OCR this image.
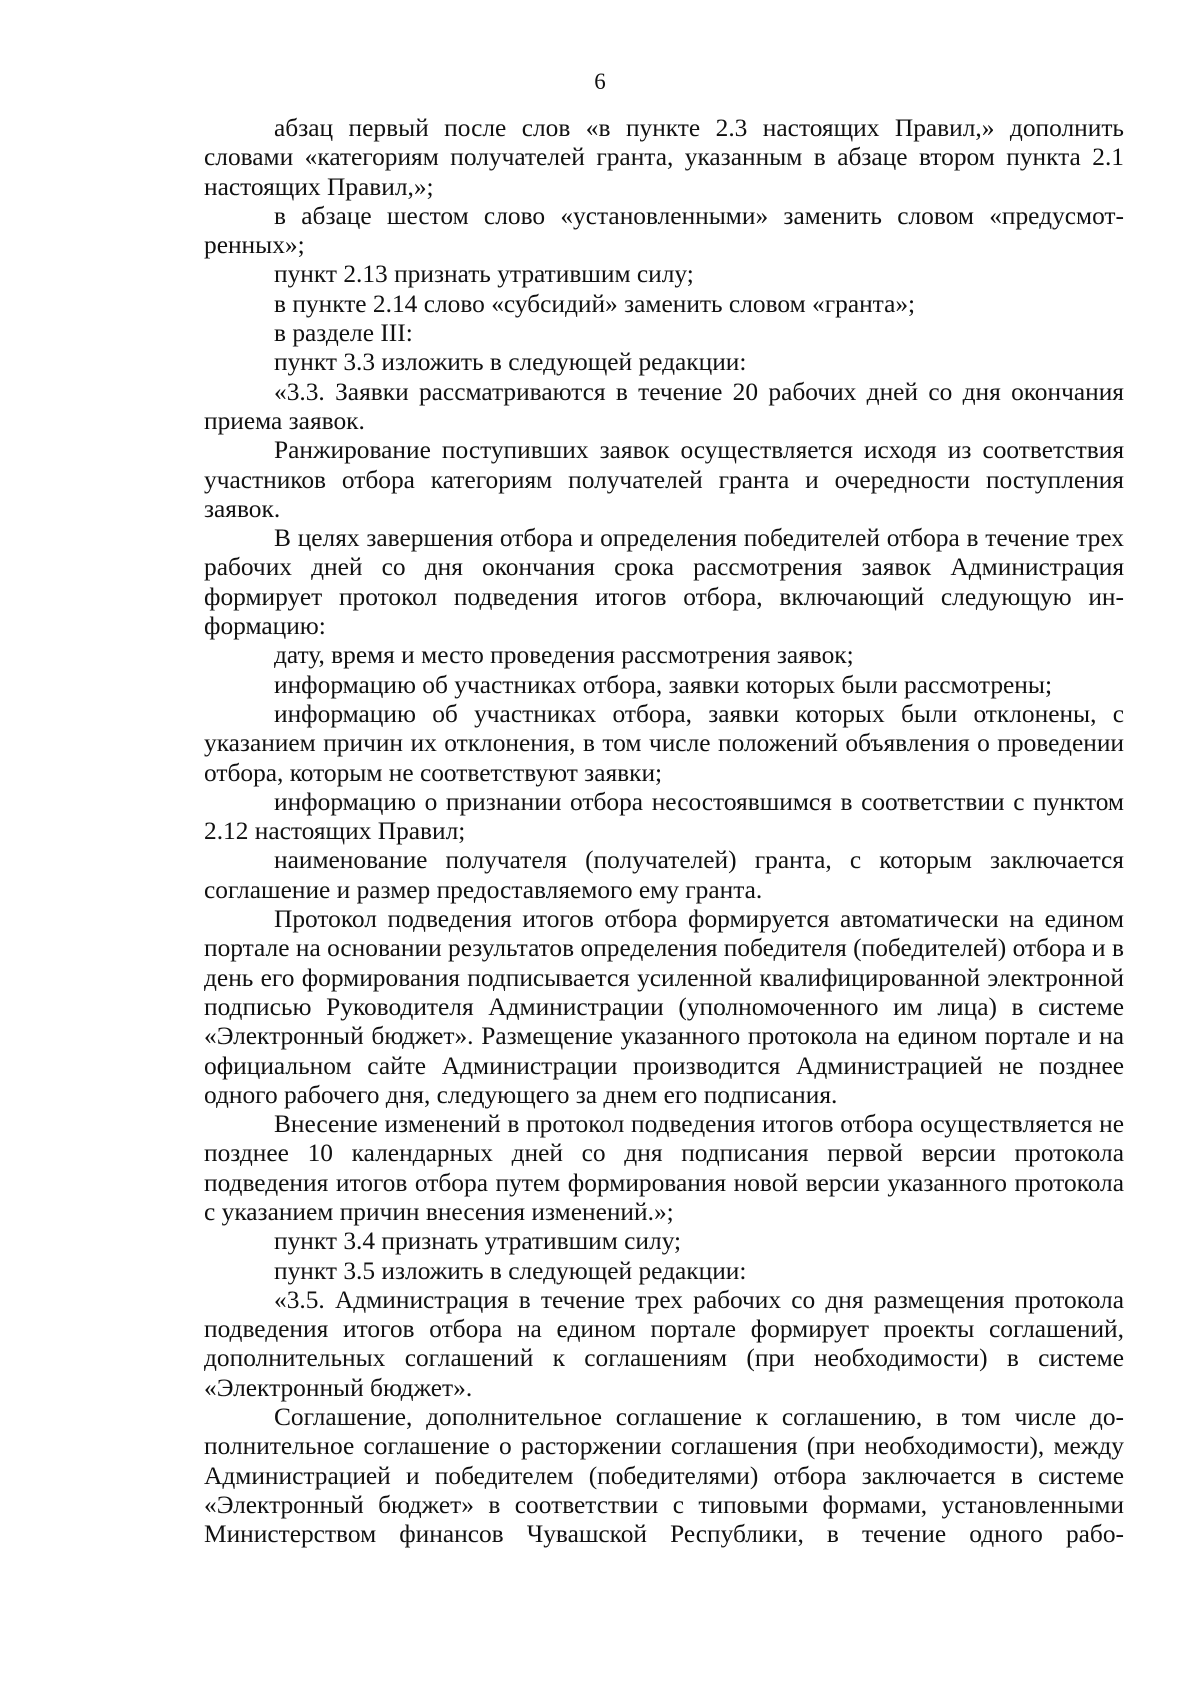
6

абзац первый после слов «в пункте 2.3 настоящих Правил,» дополнить словами «категориям получателей гранта, указанным в абзаце втором пункта 2.1 настоящих Правил,»;

в абзаце шестом слово «установленными» заменить словом «предусмотренных»;

пункт 2.13 признать утратившим силу;

в пункте 2.14 слово «субсидий» заменить словом «гранта»;

в разделе III:

пункт 3.3 изложить в следующей редакции:

«3.3. Заявки рассматриваются в течение 20 рабочих дней со дня окончания приема заявок.

Ранжирование поступивших заявок осуществляется исходя из соответствия участников отбора категориям получателей гранта и очередности поступления заявок.

В целях завершения отбора и определения победителей отбора в течение трех рабочих дней со дня окончания срока рассмотрения заявок Администрация формирует протокол подведения итогов отбора, включающий следующую информацию:

дату, время и место проведения рассмотрения заявок;

информацию об участниках отбора, заявки которых были рассмотрены;

информацию об участниках отбора, заявки которых были отклонены, с указанием причин их отклонения, в том числе положений объявления о проведении отбора, которым не соответствуют заявки;

информацию о признании отбора несостоявшимся в соответствии с пунктом 2.12 настоящих Правил;

наименование получателя (получателей) гранта, с которым заключается соглашение и размер предоставляемого ему гранта.

Протокол подведения итогов отбора формируется автоматически на едином портале на основании результатов определения победителя (победителей) отбора и в день его формирования подписывается усиленной квалифицированной электронной подписью Руководителя Администрации (уполномоченного им лица) в системе «Электронный бюджет». Размещение указанного протокола на едином портале и на официальном сайте Администрации производится Администрацией не позднее одного рабочего дня, следующего за днем его подписания.

Внесение изменений в протокол подведения итогов отбора осуществляется не позднее 10 календарных дней со дня подписания первой версии протокола подведения итогов отбора путем формирования новой версии указанного протокола с указанием причин внесения изменений.»;

пункт 3.4 признать утратившим силу;

пункт 3.5 изложить в следующей редакции:

«3.5. Администрация в течение трех рабочих со дня размещения протокола подведения итогов отбора на едином портале формирует проекты соглашений, дополнительных соглашений к соглашениям (при необходимости) в системе «Электронный бюджет».

Соглашение, дополнительное соглашение к соглашению, в том числе дополнительное соглашение о расторжении соглашения (при необходимости), между Администрацией и победителем (победителями) отбора заключается в системе «Электронный бюджет» в соответствии с типовыми формами, установленными Министерством финансов Чувашской Республики, в течение одного рабо-
